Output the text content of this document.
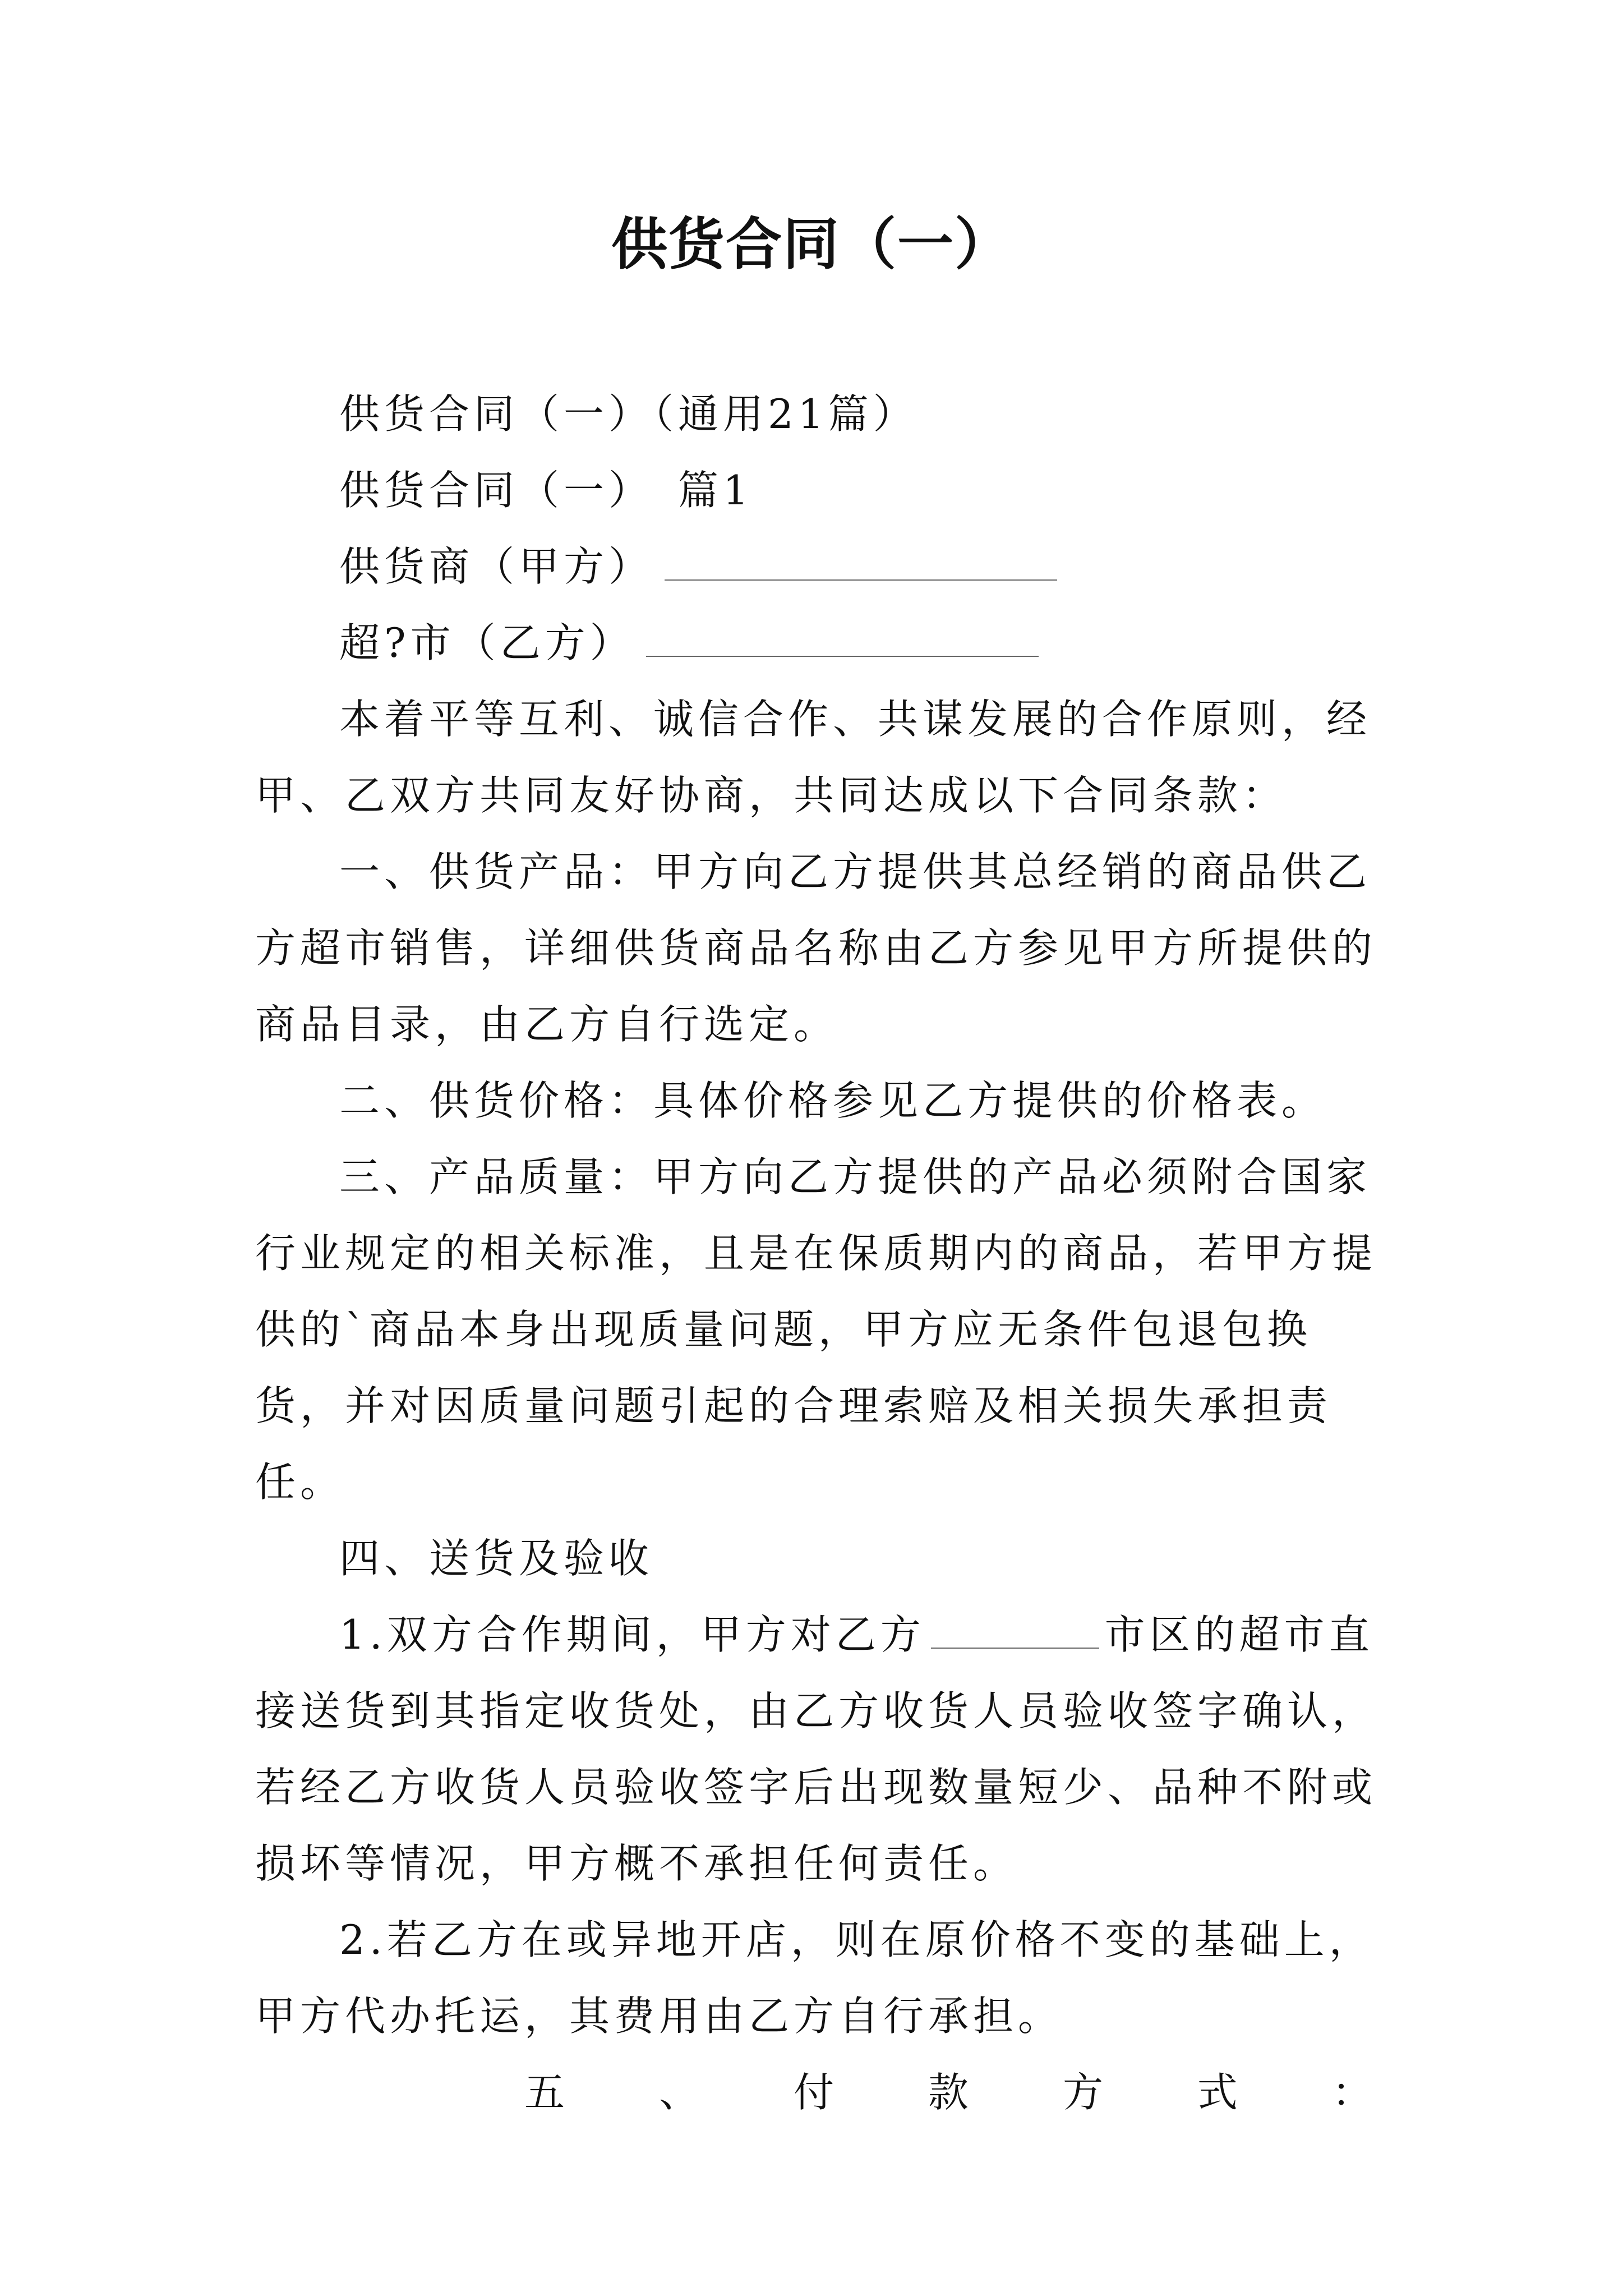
供货合同（一）

供货合同（一）（通用21篇）

供货合同（一）　篇1

供货商（甲方）

超?市（乙方）

本着平等互利、诚信合作、共谋发展的合作原则，经甲、乙双方共同友好协商，共同达成以下合同条款：

一、供货产品：甲方向乙方提供其总经销的商品供乙方超市销售，详细供货商品名称由乙方参见甲方所提供的商品目录，由乙方自行选定。

二、供货价格：具体价格参见乙方提供的价格表。

三、产品质量：甲方向乙方提供的产品必须附合国家行业规定的相关标准，且是在保质期内的商品，若甲方提供的`商品本身出现质量问题，甲方应无条件包退包换货，并对因质量问题引起的合理索赔及相关损失承担责任。

四、送货及验收

1.双方合作期间，甲方对乙方	市区的超市直接送货到其指定收货处，由乙方收货人员验收签字确认，若经乙方收货人员验收签字后出现数量短少、品种不附或损坏等情况，甲方概不承担任何责任。

2.若乙方在或异地开店，则在原价格不变的基础上，甲方代办托运，其费用由乙方自行承担。

五 、 付 款 方 式 ：
